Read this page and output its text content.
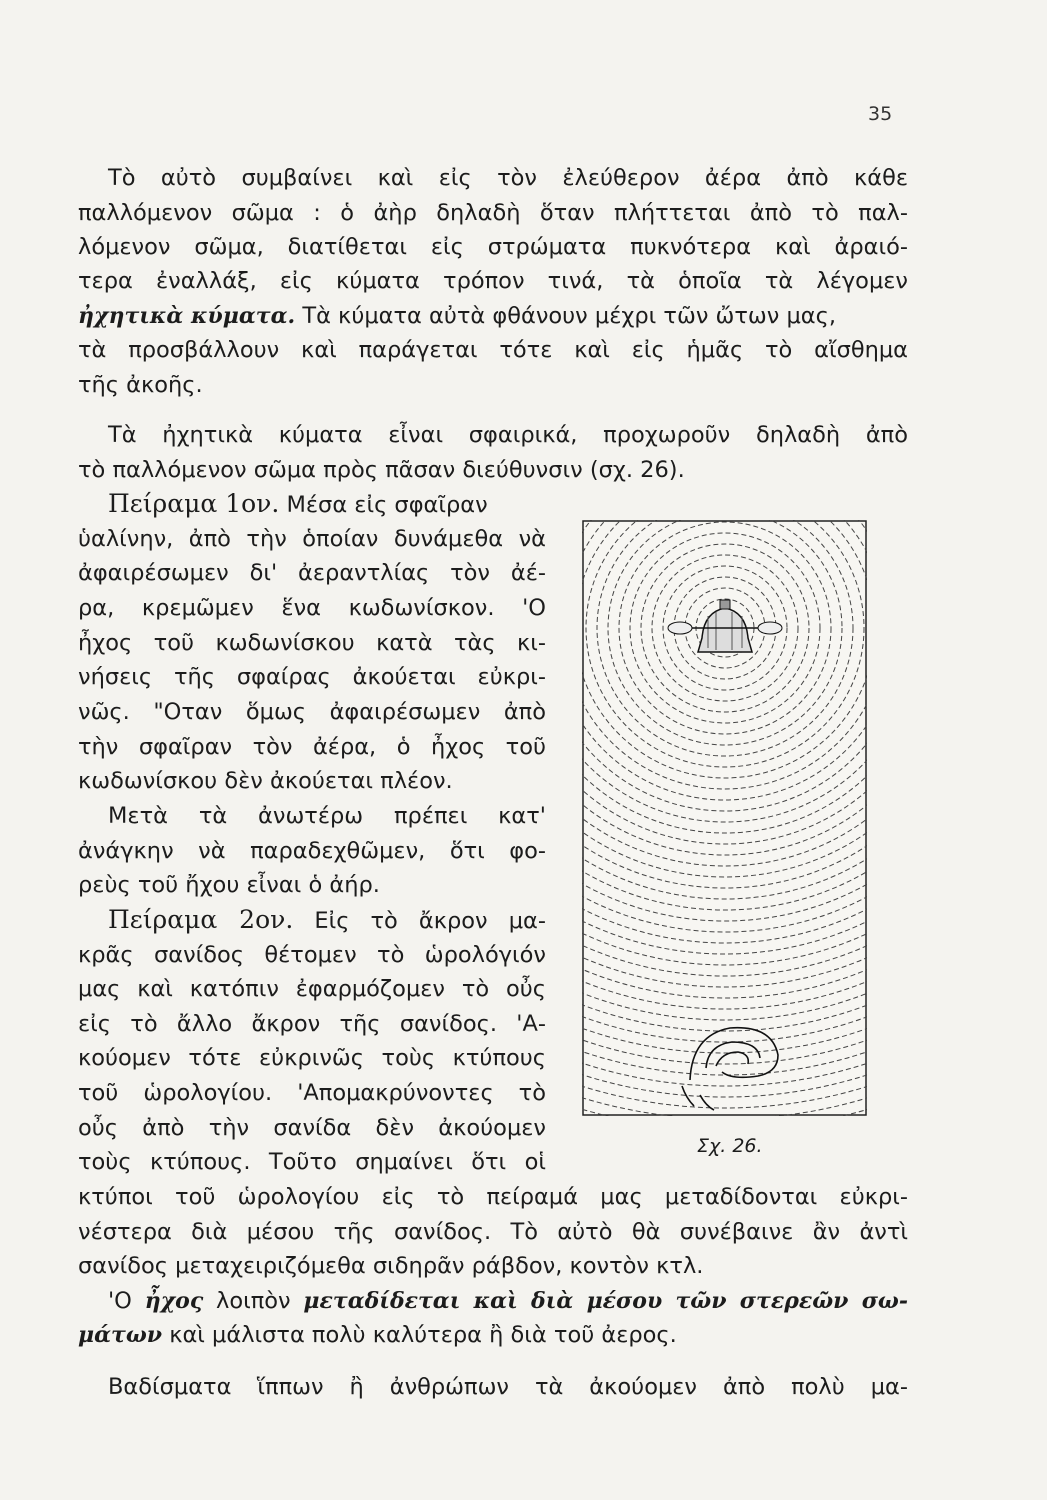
35
Τὸ αὐτὸ συμβαίνει καὶ εἰς τὸν ἐλεύθερον ἀέρα ἀπὸ κάθε
παλλόμενον σῶμα : ὁ ἀὴρ δηλαδὴ ὅταν πλήττεται ἀπὸ τὸ παλ-
λόμενον σῶμα, διατίθεται εἰς στρώματα πυκνότερα καὶ ἀραιό-
τερα ἐναλλάξ, εἰς κύματα τρόπον τινά, τὰ ὁποῖα τὰ λέγομεν
ἠχητικὰ κύματα. Τὰ κύματα αὐτὰ φθάνουν μέχρι τῶν ὤτων μας,
τὰ προσβάλλουν καὶ παράγεται τότε καὶ εἰς ἡμᾶς τὸ αἴσθημα
τῆς ἀκοῆς.
Τὰ ἠχητικὰ κύματα εἶναι σφαιρικά, προχωροῦν δηλαδὴ ἀπὸ
τὸ παλλόμενον σῶμα πρὸς πᾶσαν διεύθυνσιν (σχ. 26).
Πείραμα 1ον. Μέσα εἰς σφαῖραν
ὑαλίνην, ἀπὸ τὴν ὁποίαν δυνάμεθα νὰ
ἀφαιρέσωμεν δι' ἀεραντλίας τὸν ἀέ-
ρα, κρεμῶμεν ἕνα κωδωνίσκον. 'Ο
ἦχος τοῦ κωδωνίσκου κατὰ τὰς κι-
νήσεις τῆς σφαίρας ἀκούεται εὐκρι-
νῶς. "Οταν ὅμως ἀφαιρέσωμεν ἀπὸ
τὴν σφαῖραν τὸν ἀέρα, ὁ ἦχος τοῦ
κωδωνίσκου δὲν ἀκούεται πλέον.
Μετὰ τὰ ἀνωτέρω πρέπει κατ'
ἀνάγκην νὰ παραδεχθῶμεν, ὅτι φο-
ρεὺς τοῦ ἤχου εἶναι ὁ ἀήρ.
Πείραμα 2ον. Εἰς τὸ ἄκρον μα-
κρᾶς σανίδος θέτομεν τὸ ὡρολόγιόν
μας καὶ κατόπιν ἐφαρμόζομεν τὸ οὖς
εἰς τὸ ἄλλο ἄκρον τῆς σανίδος. 'Α-
κούομεν τότε εὐκρινῶς τοὺς κτύπους
τοῦ ὡρολογίου. 'Απομακρύνοντες τὸ
οὖς ἀπὸ τὴν σανίδα δὲν ἀκούομεν
τοὺς κτύπους. Τοῦτο σημαίνει ὅτι οἱ
κτύποι τοῦ ὡρολογίου εἰς τὸ πείραμά μας μεταδίδονται εὐκρι-
νέστερα διὰ μέσου τῆς σανίδος. Τὸ αὐτὸ θὰ συνέβαινε ἂν ἀντὶ
σανίδος μεταχειριζόμεθα σιδηρᾶν ράβδον, κοντὸν κτλ.
'Ο ἦχος λοιπὸν μεταδίδεται καὶ διὰ μέσου τῶν στερεῶν σω-
μάτων καὶ μάλιστα πολὺ καλύτερα ἢ διὰ τοῦ ἀερος.
Βαδίσματα ἵππων ἢ ἀνθρώπων τὰ ἀκούομεν ἀπὸ πολὺ μα-
Σχ. 26.
